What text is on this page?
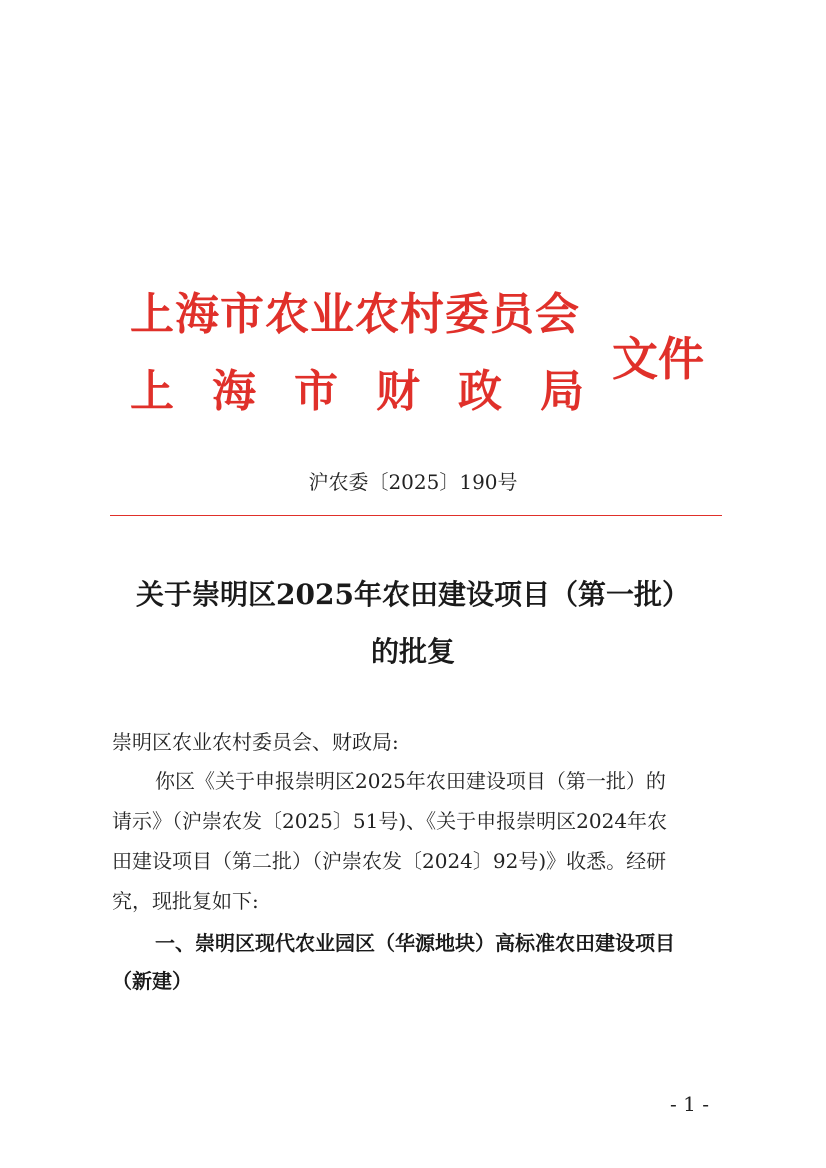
上海市农业农村委员会
上海市财政局
文件
沪农委〔2025〕190号
关于崇明区2025年农田建设项目（第一批）
的批复
崇明区农业农村委员会、财政局:
你区《关于申报崇明区2025年农田建设项目（第一批）的
请示》（沪崇农发〔2025〕51号)、《关于申报崇明区2024年农
田建设项目（第二批）（沪崇农发〔2024〕92号)》收悉。经研
究，现批复如下:
一、崇明区现代农业园区（华源地块）高标准农田建设项目
（新建）
- 1 -
